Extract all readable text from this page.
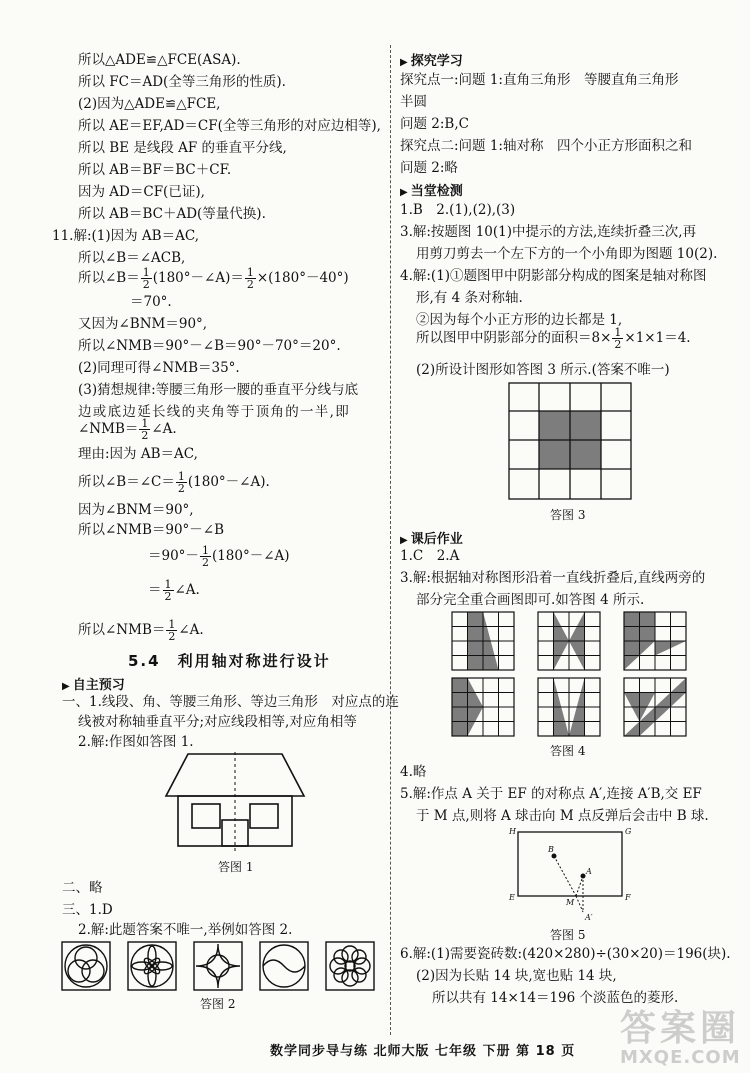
所以△ADE≌△FCE(ASA).
所以 FC＝AD(全等三角形的性质).
(2)因为△ADE≌△FCE,
所以 AE＝EF,AD＝CF(全等三角形的对应边相等),
所以 BE 是线段 AF 的垂直平分线,
所以 AB＝BF＝BC＋CF.
因为 AD＝CF(已证),
所以 AB＝BC＋AD(等量代换).
11.解:(1)因为 AB＝AC,
所以∠B＝∠ACB,
所以∠B＝ $\frac{1}{2}$ (180°－∠A)＝ $\frac{1}{2} \times(180^\circ-40^\circ)$
＝70°.
又因为∠BNM＝90°,
所以∠NMB＝90°－∠B＝90°－70°＝20°.
(2)同理可得∠NMB＝35°.
(3)猜想规律:等腰三角形一腰的垂直平分线与底
边或底边延长线的夹角等于顶角的一半,即
∠NMB＝ $\frac{1}{2}$ ∠A.
理由:因为 AB＝AC,
所以∠B＝∠C＝ $\frac{1}{2}$ (180°－∠A).
因为∠BNM＝90°,
所以∠NMB＝90°－∠B
$=90^\circ- \frac{1}{2}$ (180°－∠A)
＝ $\frac{1}{2}$ ∠A.
所以∠NMB＝ $\frac{1}{2}$ ∠A.
5.4　利用轴对称进行设计
▶ 自主预习
一、1.线段、角、等腰三角形、等边三角形　对应点的连
线被对称轴垂直平分;对应线段相等,对应角相等
2.解:作图如答图 1.
答图 1
二、略
三、1.D
2.解:此题答案不唯一,举例如答图 2.
答图 2
▶ 探究学习
探究点一:问题 1:直角三角形　等腰直角三角形
半圆
问题 2:B,C
探究点二:问题 1:轴对称　四个小正方形面积之和
问题 2:略
▶ 当堂检测
1.B　2.(1),(2),(3)
3.解:按题图 10(1)中提示的方法,连续折叠三次,再
用剪刀剪去一个左下方的一个小角即为图题 10(2).
4.解:(1)①题图甲中阴影部分构成的图案是轴对称图
形,有 4 条对称轴.
②因为每个小正方形的边长都是 1,
所以图甲中阴影部分的面积$=8\times \frac{1}{2} \times 1\times 1=4$.
(2)所设计图形如答图 3 所示.(答案不唯一)
答图 3
▶ 课后作业
1.C　2.A
3.解:根据轴对称图形沿着一直线折叠后,直线两旁的
部分完全重合画图即可.如答图 4 所示.
答图 4
4.略
5.解:作点 A 关于 EF 的对称点 A′,连接 A′B,交 EF
于 M 点,则将 A 球击向 M 点反弹后会击中 B 球.
H	G
E	F
B
A
M
A′
答图 5
6.解:(1)需要瓷砖数:(420×280)÷(30×20)＝196(块).
(2)因为长贴 14 块,宽也贴 14 块,
所以共有 14×14＝196 个淡蓝色的菱形.
数学同步导与练 北师大版 七年级 下册 第 18 页
答案圈
MXQE.COM
